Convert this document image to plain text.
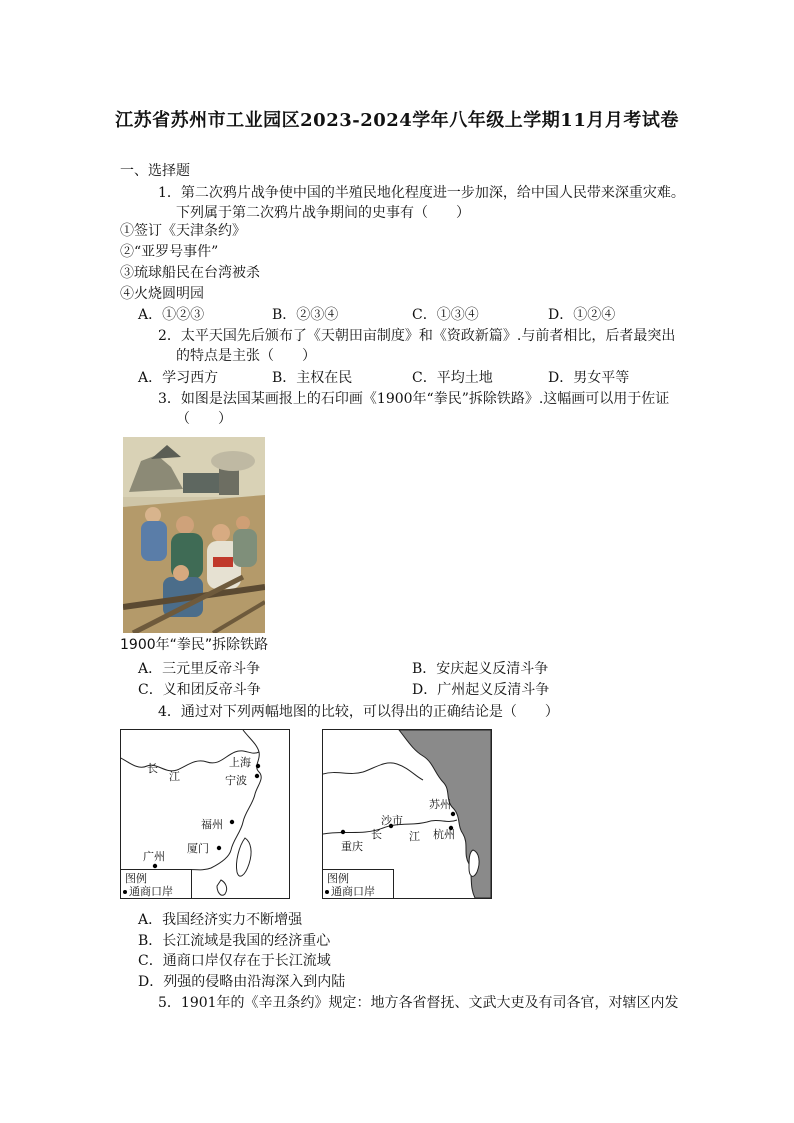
江苏省苏州市工业园区2023-2024学年八年级上学期11月月考试卷
一、选择题
1．第二次鸦片战争使中国的半殖民地化程度进一步加深，给中国人民带来深重灾难。
下列属于第二次鸦片战争期间的史事有（　　）
①签订《天津条约》
②“亚罗号事件”
③琉球船民在台湾被杀
④火烧圆明园
A．①②③	B．②③④	C．①③④	D．①②④
2．太平天国先后颁布了《天朝田亩制度》和《资政新篇》.与前者相比，后者最突出
的特点是主张（　　）
A．学习西方	B．主权在民	C．平均土地	D．男女平等
3．如图是法国某画报上的石印画《1900年“拳民”拆除铁路》.这幅画可以用于佐证
（　　）
1900年“拳民”拆除铁路
A．三元里反帝斗争	B．安庆起义反清斗争
C．义和团反帝斗争	D．广州起义反清斗争
4．通过对下列两幅地图的比较，可以得出的正确结论是（　　）
长
江
上海
宁波
福州
厦门
广州
图例
通商口岸
苏州
沙市
长 江 杭州
重庆
图例
通商口岸
A．我国经济实力不断增强
B．长江流域是我国的经济重心
C．通商口岸仅存在于长江流域
D．列强的侵略由沿海深入到内陆
5．1901年的《辛丑条约》规定：地方各省督抚、文武大吏及有司各官，对辖区内发
